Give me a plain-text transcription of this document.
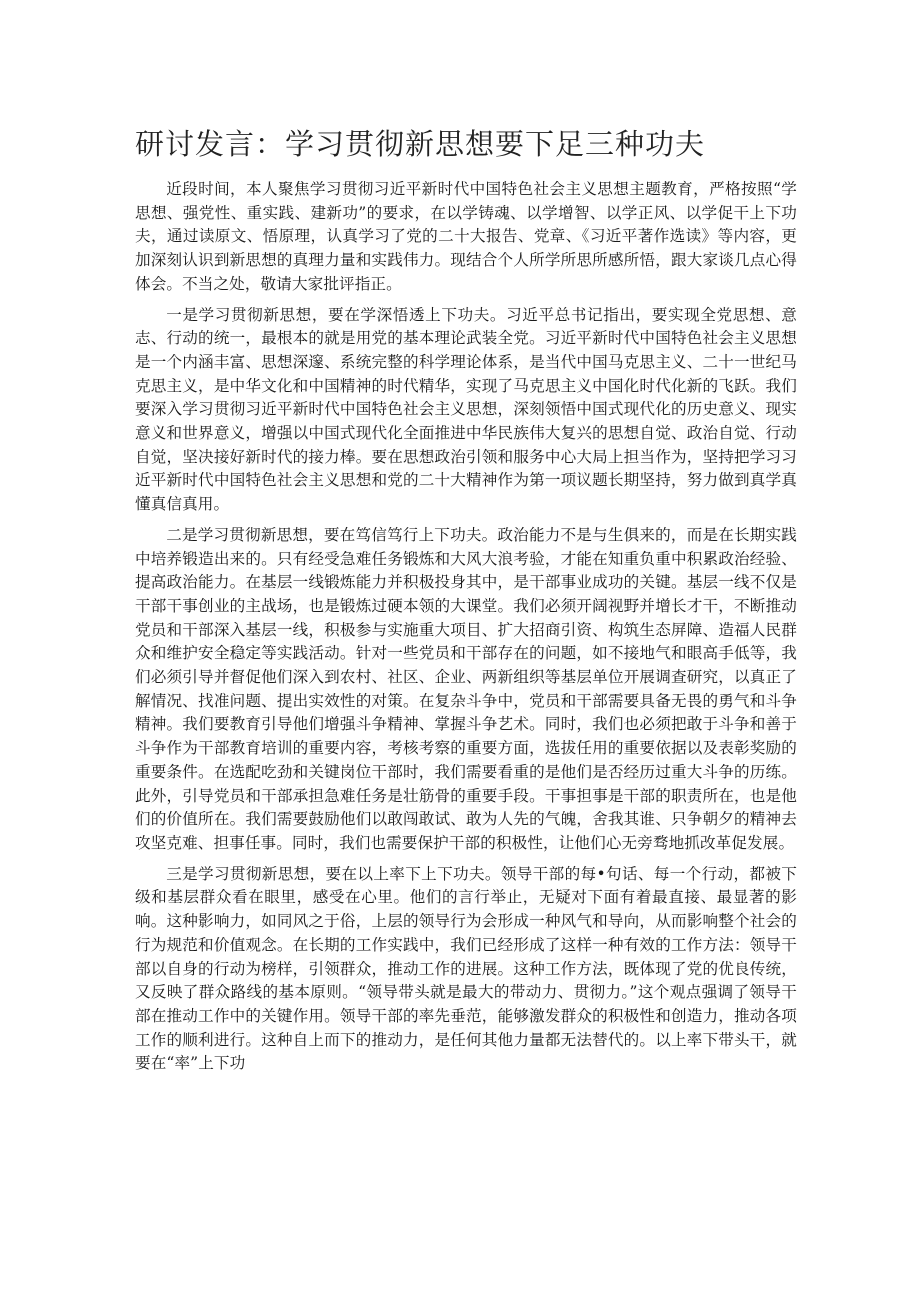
研讨发言：学习贯彻新思想要下足三种功夫

近段时间，本人聚焦学习贯彻习近平新时代中国特色社会主义思想主题教育，严格按照“学思想、强党性、重实践、建新功”的要求，在以学铸魂、以学增智、以学正风、以学促干上下功夫，通过读原文、悟原理，认真学习了党的二十大报告、党章、《习近平著作选读》等内容，更加深刻认识到新思想的真理力量和实践伟力。现结合个人所学所思所感所悟，跟大家谈几点心得体会。不当之处，敬请大家批评指正。

一是学习贯彻新思想，要在学深悟透上下功夫。习近平总书记指出，要实现全党思想、意志、行动的统一，最根本的就是用党的基本理论武装全党。习近平新时代中国特色社会主义思想是一个内涵丰富、思想深邃、系统完整的科学理论体系，是当代中国马克思主义、二十一世纪马克思主义，是中华文化和中国精神的时代精华，实现了马克思主义中国化时代化新的飞跃。我们要深入学习贯彻习近平新时代中国特色社会主义思想，深刻领悟中国式现代化的历史意义、现实意义和世界意义，增强以中国式现代化全面推进中华民族伟大复兴的思想自觉、政治自觉、行动自觉，坚决接好新时代的接力棒。要在思想政治引领和服务中心大局上担当作为，坚持把学习习近平新时代中国特色社会主义思想和党的二十大精神作为第一项议题长期坚持，努力做到真学真懂真信真用。

二是学习贯彻新思想，要在笃信笃行上下功夫。政治能力不是与生俱来的，而是在长期实践中培养锻造出来的。只有经受急难任务锻炼和大风大浪考验，才能在知重负重中积累政治经验、提高政治能力。在基层一线锻炼能力并积极投身其中，是干部事业成功的关键。基层一线不仅是干部干事创业的主战场，也是锻炼过硬本领的大课堂。我们必须开阔视野并增长才干，不断推动党员和干部深入基层一线，积极参与实施重大项目、扩大招商引资、构筑生态屏障、造福人民群众和维护安全稳定等实践活动。针对一些党员和干部存在的问题，如不接地气和眼高手低等，我们必须引导并督促他们深入到农村、社区、企业、两新组织等基层单位开展调查研究，以真正了解情况、找准问题、提出实效性的对策。在复杂斗争中，党员和干部需要具备无畏的勇气和斗争精神。我们要教育引导他们增强斗争精神、掌握斗争艺术。同时，我们也必须把敢于斗争和善于斗争作为干部教育培训的重要内容，考核考察的重要方面，选拔任用的重要依据以及表彰奖励的重要条件。在选配吃劲和关键岗位干部时，我们需要看重的是他们是否经历过重大斗争的历练。此外，引导党员和干部承担急难任务是壮筋骨的重要手段。干事担事是干部的职责所在，也是他们的价值所在。我们需要鼓励他们以敢闯敢试、敢为人先的气魄，舍我其谁、只争朝夕的精神去攻坚克难、担事任事。同时，我们也需要保护干部的积极性，让他们心无旁骛地抓改革促发展。

三是学习贯彻新思想，要在以上率下上下功夫。领导干部的每•句话、每一个行动，都被下级和基层群众看在眼里，感受在心里。他们的言行举止，无疑对下面有着最直接、最显著的影响。这种影响力，如同风之于俗，上层的领导行为会形成一种风气和导向，从而影响整个社会的行为规范和价值观念。在长期的工作实践中，我们已经形成了这样一种有效的工作方法：领导干部以自身的行动为榜样，引领群众，推动工作的进展。这种工作方法，既体现了党的优良传统，又反映了群众路线的基本原则。“领导带头就是最大的带动力、贯彻力。”这个观点强调了领导干部在推动工作中的关键作用。领导干部的率先垂范，能够激发群众的积极性和创造力，推动各项工作的顺利进行。这种自上而下的推动力，是任何其他力量都无法替代的。以上率下带头干，就要在“率”上下功
